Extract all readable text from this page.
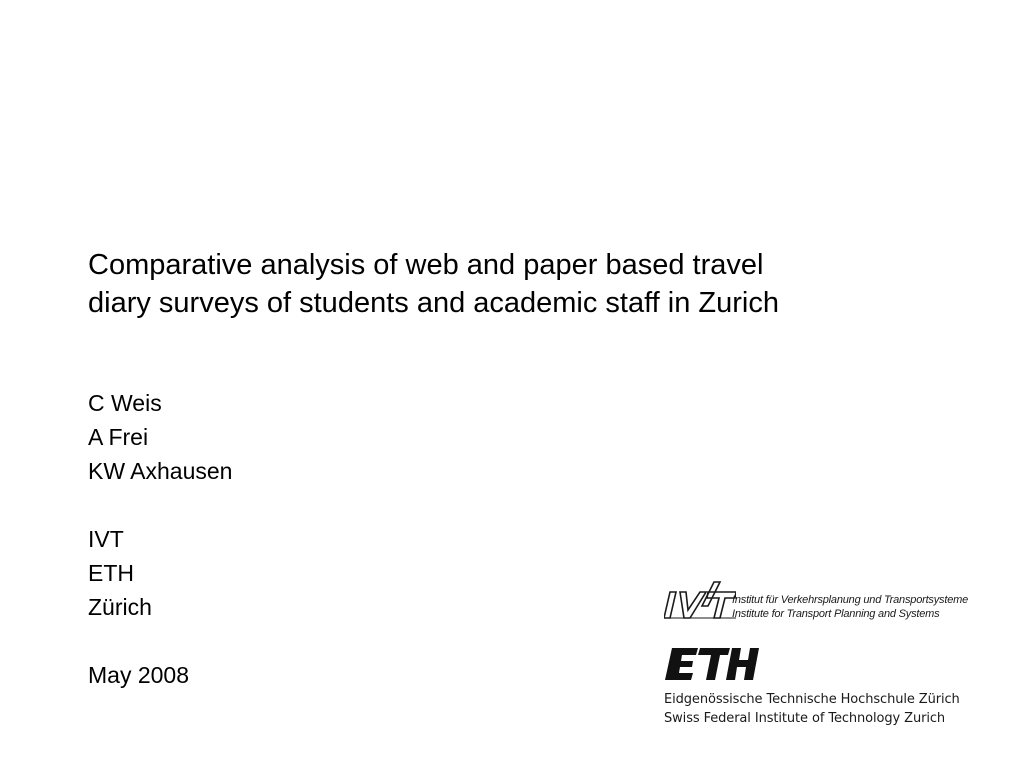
Comparative analysis of web and paper based travel
diary surveys of students and academic staff in Zurich
C Weis
A Frei
KW Axhausen
IVT
ETH
Zürich
May 2008
Institut für Verkehrsplanung und Transportsysteme
Institute for Transport Planning and Systems
Eidgenössische Technische Hochschule Zürich
Swiss Federal Institute of Technology Zurich
